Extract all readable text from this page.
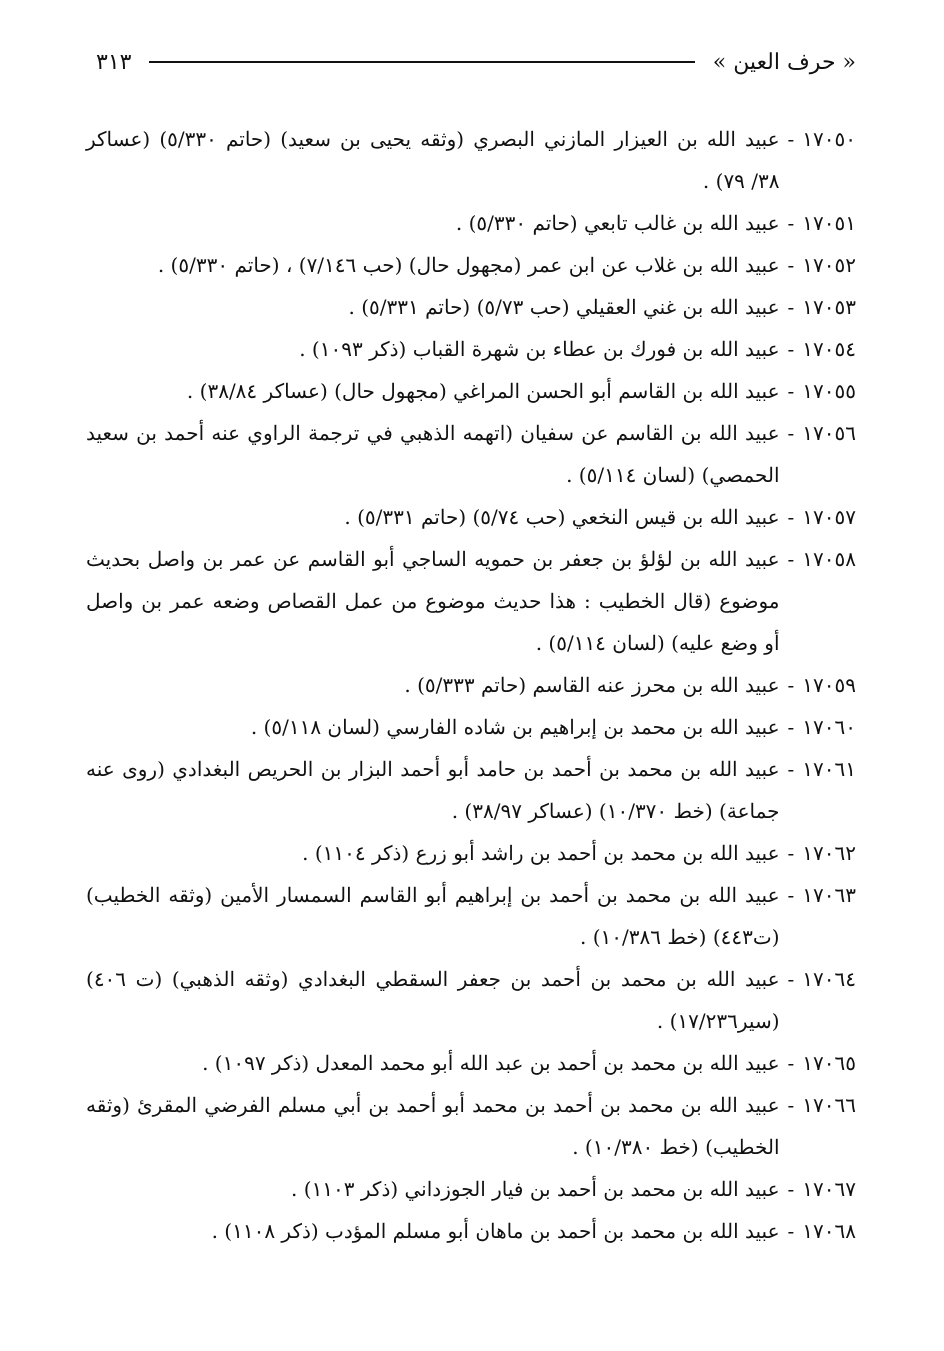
« حرف العين »
٣١٣
١٧٠٥٠
-
عبيد الله بن العيزار المازني البصري (وثقه يحيى بن سعيد) (حاتم ٥/٣٣٠) (عساكر ٣٨/ ٧٩) .
١٧٠٥١
-
عبيد الله بن غالب تابعي (حاتم ٥/٣٣٠) .
١٧٠٥٢
-
عبيد الله بن غلاب عن ابن عمر (مجهول حال) (حب ٧/١٤٦) ، (حاتم ٥/٣٣٠) .
١٧٠٥٣
-
عبيد الله بن غني العقيلي (حب ٥/٧٣) (حاتم ٥/٣٣١) .
١٧٠٥٤
-
عبيد الله بن فورك بن عطاء بن شهرة القباب (ذكر ١٠٩٣) .
١٧٠٥٥
-
عبيد الله بن القاسم أبو الحسن المراغي (مجهول حال) (عساكر ٣٨/٨٤) .
١٧٠٥٦
-
عبيد الله بن القاسم عن سفيان (اتهمه الذهبي في ترجمة الراوي عنه أحمد بن سعيد الحمصي) (لسان ٥/١١٤) .
١٧٠٥٧
-
عبيد الله بن قيس النخعي (حب ٥/٧٤) (حاتم ٥/٣٣١) .
١٧٠٥٨
-
عبيد الله بن لؤلؤ بن جعفر بن حمويه الساجي أبو القاسم عن عمر بن واصل بحديث موضوع (قال الخطيب : هذا حديث موضوع من عمل القصاص وضعه عمر بن واصل أو وضع عليه) (لسان ٥/١١٤) .
١٧٠٥٩
-
عبيد الله بن محرز عنه القاسم (حاتم ٥/٣٣٣) .
١٧٠٦٠
-
عبيد الله بن محمد بن إبراهيم بن شاده الفارسي (لسان ٥/١١٨) .
١٧٠٦١
-
عبيد الله بن محمد بن أحمد بن حامد أبو أحمد البزار بن الحريص البغدادي (روى عنه جماعة) (خط ١٠/٣٧٠) (عساكر ٣٨/٩٧) .
١٧٠٦٢
-
عبيد الله بن محمد بن أحمد بن راشد أبو زرع (ذكر ١١٠٤) .
١٧٠٦٣
-
عبيد الله بن محمد بن أحمد بن إبراهيم أبو القاسم السمسار الأمين (وثقه الخطيب) (ت٤٤٣) (خط ١٠/٣٨٦) .
١٧٠٦٤
-
عبيد الله بن محمد بن أحمد بن جعفر السقطي البغدادي (وثقه الذهبي) (ت ٤٠٦) (سير١٧/٢٣٦) .
١٧٠٦٥
-
عبيد الله بن محمد بن أحمد بن عبد الله أبو محمد المعدل (ذكر ١٠٩٧) .
١٧٠٦٦
-
عبيد الله بن محمد بن أحمد بن محمد أبو أحمد بن أبي مسلم الفرضي المقرئ (وثقه الخطيب) (خط ١٠/٣٨٠) .
١٧٠٦٧
-
عبيد الله بن محمد بن أحمد بن فيار الجوزداني (ذكر ١١٠٣) .
١٧٠٦٨
-
عبيد الله بن محمد بن أحمد بن ماهان أبو مسلم المؤدب (ذكر ١١٠٨) .
